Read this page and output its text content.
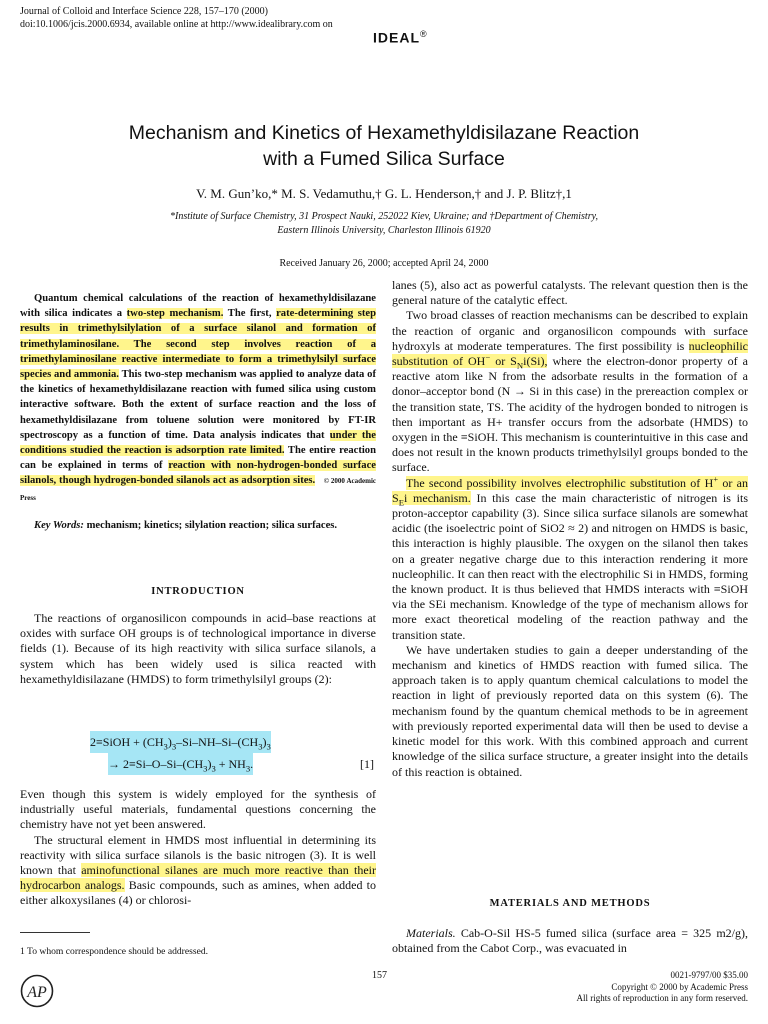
Journal of Colloid and Interface Science 228, 157–170 (2000)
doi:10.1006/jcis.2000.6934, available online at http://www.idealibrary.com on
IDEAL®
Mechanism and Kinetics of Hexamethyldisilazane Reaction
with a Fumed Silica Surface
V. M. Gun’ko,* M. S. Vedamuthu,† G. L. Henderson,† and J. P. Blitz†,1
*Institute of Surface Chemistry, 31 Prospect Nauki, 252022 Kiev, Ukraine; and †Department of Chemistry,
Eastern Illinois University, Charleston Illinois 61920
Received January 26, 2000; accepted April 24, 2000
Quantum chemical calculations of the reaction of hexamethyldisilazane with silica indicates a two-step mechanism. The first, rate-determining step results in trimethylsilylation of a surface silanol and formation of trimethylaminosilane. The second step involves reaction of a trimethylaminosilane reactive intermediate to form a trimethylsilyl surface species and ammonia. This two-step mechanism was applied to analyze data of the kinetics of hexamethyldisilazane reaction with fumed silica using custom interactive software. Both the extent of surface reaction and the loss of hexamethyldisilazane from toluene solution were monitored by FT-IR spectroscopy as a function of time. Data analysis indicates that under the conditions studied the reaction is adsorption rate limited. The entire reaction can be explained in terms of reaction with non-hydrogen-bonded surface silanols, though hydrogen-bonded silanols act as adsorption sites. © 2000 Academic Press
Key Words: mechanism; kinetics; silylation reaction; silica surfaces.
INTRODUCTION

The reactions of organosilicon compounds in acid–base reactions at oxides with surface OH groups is of technological importance in diverse fields (1). Because of its high reactivity with silica surface silanols, a system which has been widely used is silica reacted with hexamethyldisilazane (HMDS) to form trimethylsilyl groups (2):

2≡SiOH + $(CH_3)_3-Si-NH-Si-(CH_3)_3$
→ $2\equiv Si-O-Si-(CH_3)_3 + NH_3$.	[1]

Even though this system is widely employed for the synthesis of industrially useful materials, fundamental questions concerning the chemistry have not yet been answered.

The structural element in HMDS most influential in determining its reactivity with silica surface silanols is the basic nitrogen (3). It is well known that aminofunctional silanes are much more reactive than their hydrocarbon analogs. Basic compounds, such as amines, when added to either alkoxysilanes (4) or chlorosi-

lanes (5), also act as powerful catalysts. The relevant question then is the general nature of the catalytic effect.

Two broad classes of reaction mechanisms can be described to explain the reaction of organic and organosilicon compounds with surface hydroxyls at moderate temperatures. The first possibility is nucleophilic substitution of OH− or $S_Ni(Si)$, where the electron-donor property of a reactive atom like N from the adsorbate results in the formation of a donor–acceptor bond (N → Si in this case) in the prereaction complex or the transition state, TS. The acidity of the hydrogen bonded to nitrogen is then important as H+ transfer occurs from the adsorbate (HMDS) to oxygen in the ≡SiOH. This mechanism is counterintuitive in this case and does not result in the known products trimethylsilyl groups bonded to the surface.

The second possibility involves electrophilic substitution of H+ or an $S_Ei$ mechanism. In this case the main characteristic of nitrogen is its proton-acceptor capability (3). Since silica surface silanols are somewhat acidic (the isoelectric point of SiO2 ≈ 2) and nitrogen on HMDS is basic, this interaction is highly plausible. The oxygen on the silanol then takes on a greater negative charge due to this interaction rendering it more nucleophilic. It can then react with the electrophilic Si in HMDS, forming the known product. It is thus believed that HMDS interacts with ≡SiOH via the SEi mechanism. Knowledge of the type of mechanism allows for more exact theoretical modeling of the reaction pathway and the transition state.

We have undertaken studies to gain a deeper understanding of the mechanism and kinetics of HMDS reaction with fumed silica. The approach taken is to apply quantum chemical calculations to model the reaction in light of previously reported data on this system (6). The mechanism found by the quantum chemical methods to be in agreement with previously reported experimental data will then be used to devise a kinetic model for this work. With this combined approach and current knowledge of the silica surface structure, a greater insight into the details of this reaction is obtained.

MATERIALS AND METHODS

Materials. Cab-O-Sil HS-5 fumed silica (surface area = 325 m2/g), obtained from the Cabot Corp., was evacuated in

1 To whom correspondence should be addressed.
157	0021-9797/00 $35.00
Copyright © 2000 by Academic Press
All rights of reproduction in any form reserved.
AP
